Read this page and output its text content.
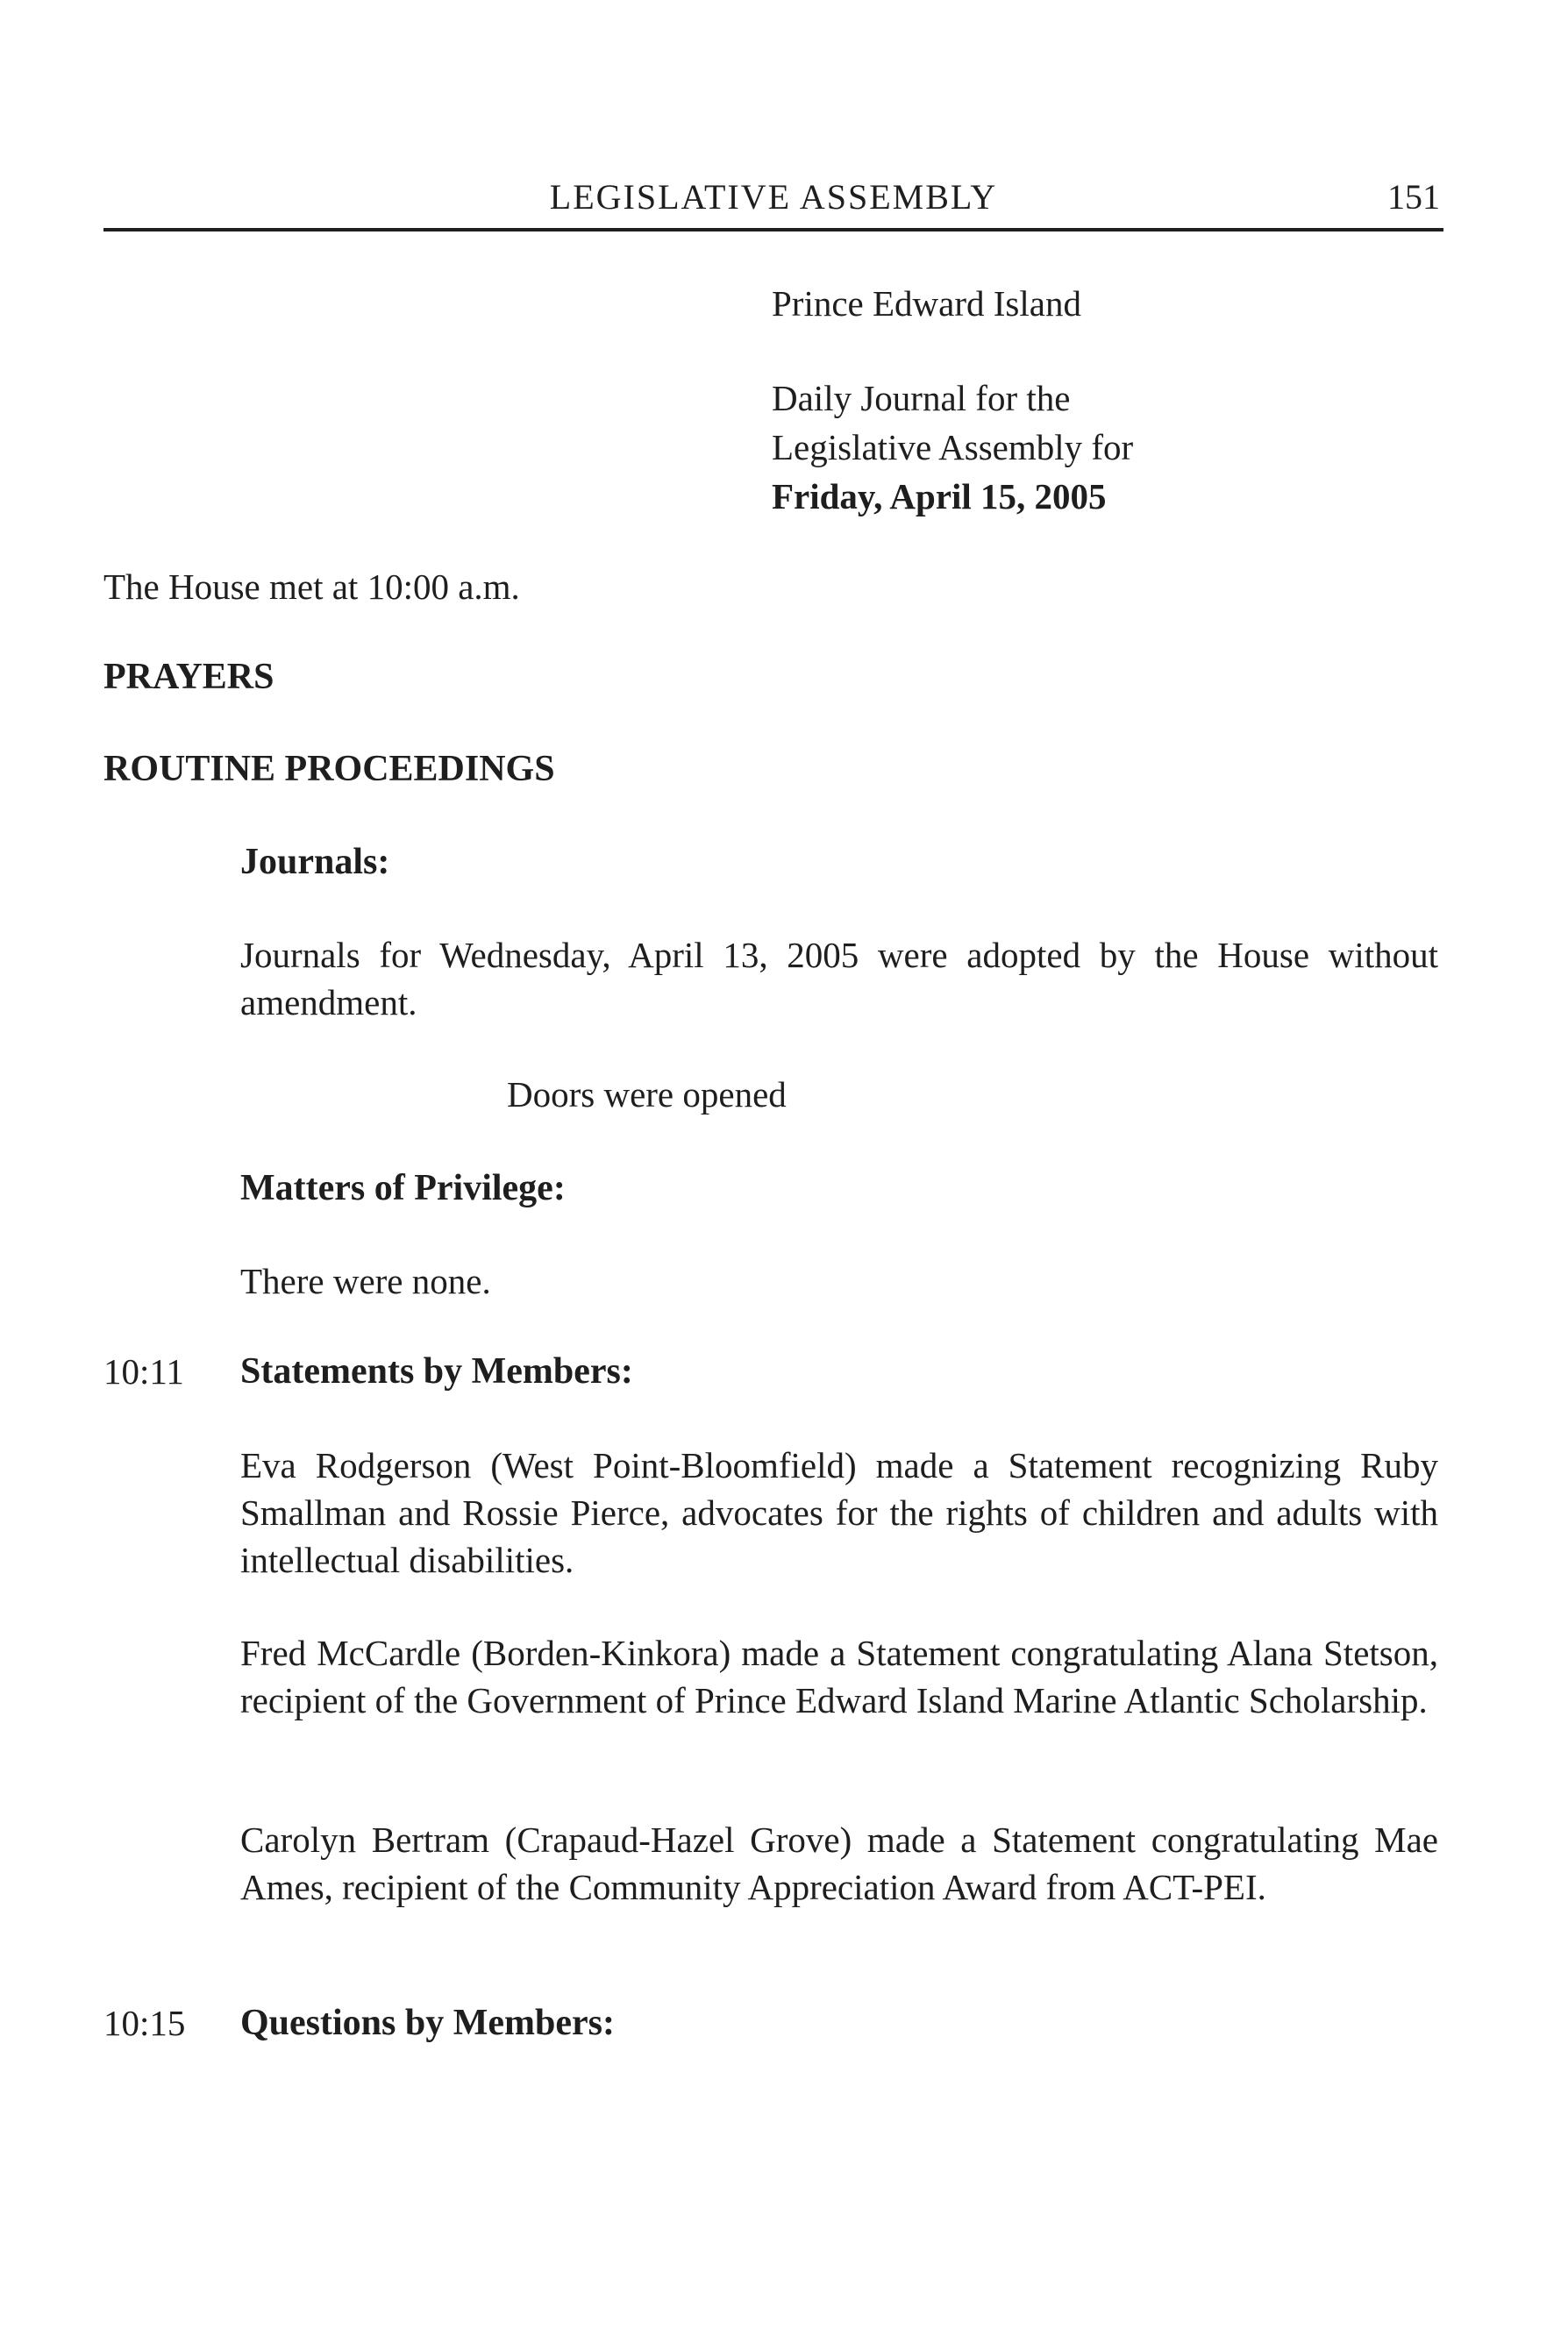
LEGISLATIVE ASSEMBLY	151
Prince Edward Island
Daily Journal for the
Legislative Assembly for
Friday, April 15, 2005
The House met at 10:00 a.m.
PRAYERS
ROUTINE PROCEEDINGS
Journals:
Journals for Wednesday, April 13, 2005 were adopted by the House without amendment.
Doors were opened
Matters of Privilege:
There were none.
10:11 Statements by Members:
Eva Rodgerson (West Point-Bloomfield) made a Statement recognizing Ruby Smallman and Rossie Pierce, advocates for the rights of children and adults with intellectual disabilities.
Fred McCardle (Borden-Kinkora) made a Statement congratulating Alana Stetson, recipient of the Government of Prince Edward Island Marine Atlantic Scholarship.
Carolyn Bertram (Crapaud-Hazel Grove) made a Statement congratulating Mae Ames, recipient of the Community Appreciation Award from ACT-PEI.
10:15 Questions by Members:
